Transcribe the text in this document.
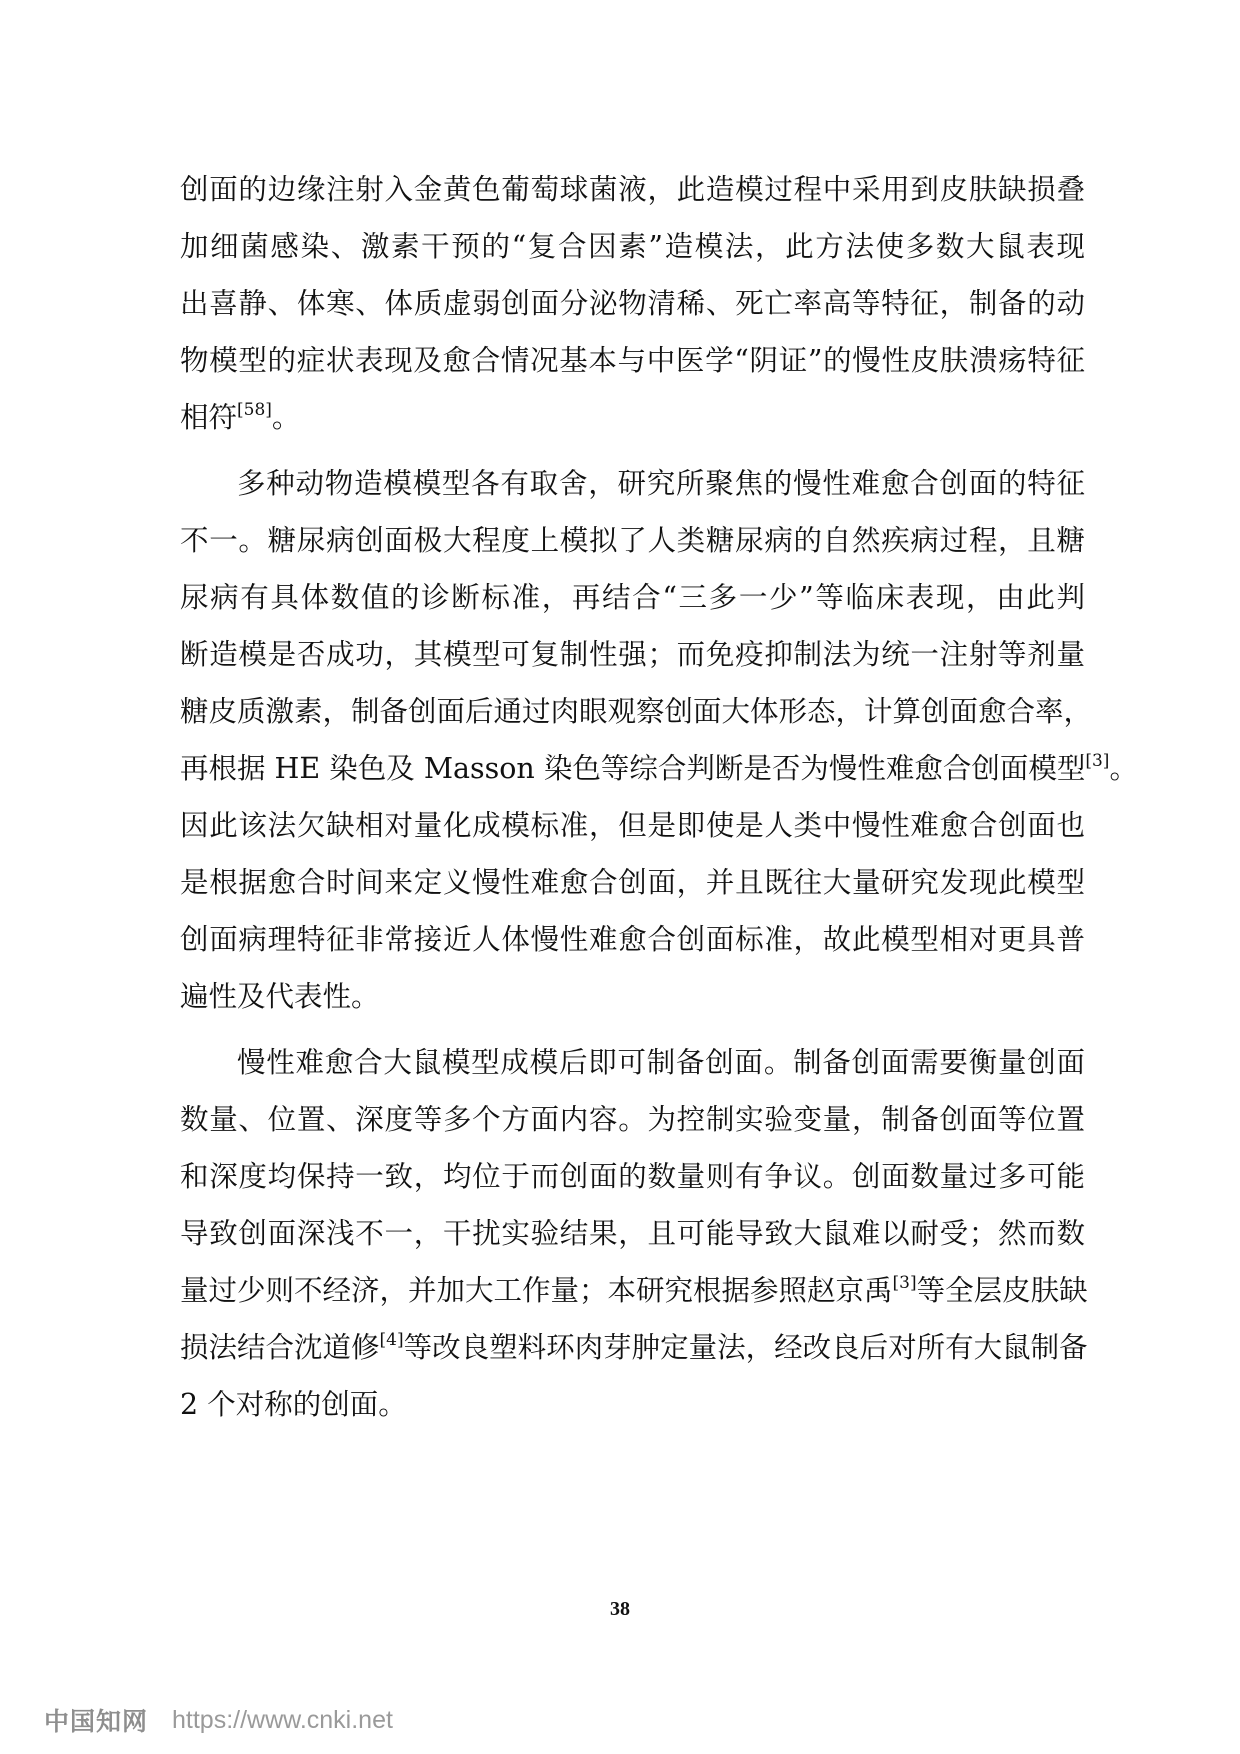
创面的边缘注射入金黄色葡萄球菌液，此造模过程中采用到皮肤缺损叠
加细菌感染、激素干预的“复合因素”造模法，此方法使多数大鼠表现
出喜静、体寒、体质虚弱创面分泌物清稀、死亡率高等特征，制备的动
物模型的症状表现及愈合情况基本与中医学“阴证”的慢性皮肤溃疡特征
相符[58]。
多种动物造模模型各有取舍，研究所聚焦的慢性难愈合创面的特征
不一。糖尿病创面极大程度上模拟了人类糖尿病的自然疾病过程，且糖
尿病有具体数值的诊断标准，再结合“三多一少”等临床表现，由此判
断造模是否成功，其模型可复制性强；而免疫抑制法为统一注射等剂量
糖皮质激素，制备创面后通过肉眼观察创面大体形态，计算创面愈合率，
再根据 HE 染色及 Masson 染色等综合判断是否为慢性难愈合创面模型[3]。
因此该法欠缺相对量化成模标准，但是即使是人类中慢性难愈合创面也
是根据愈合时间来定义慢性难愈合创面，并且既往大量研究发现此模型
创面病理特征非常接近人体慢性难愈合创面标准，故此模型相对更具普
遍性及代表性。
慢性难愈合大鼠模型成模后即可制备创面。制备创面需要衡量创面
数量、位置、深度等多个方面内容。为控制实验变量，制备创面等位置
和深度均保持一致，均位于而创面的数量则有争议。创面数量过多可能
导致创面深浅不一，干扰实验结果，且可能导致大鼠难以耐受；然而数
量过少则不经济，并加大工作量；本研究根据参照赵京禹[3]等全层皮肤缺
损法结合沈道修[4]等改良塑料环肉芽肿定量法，经改良后对所有大鼠制备
2 个对称的创面。
38
中国知网 https://www.cnki.net
